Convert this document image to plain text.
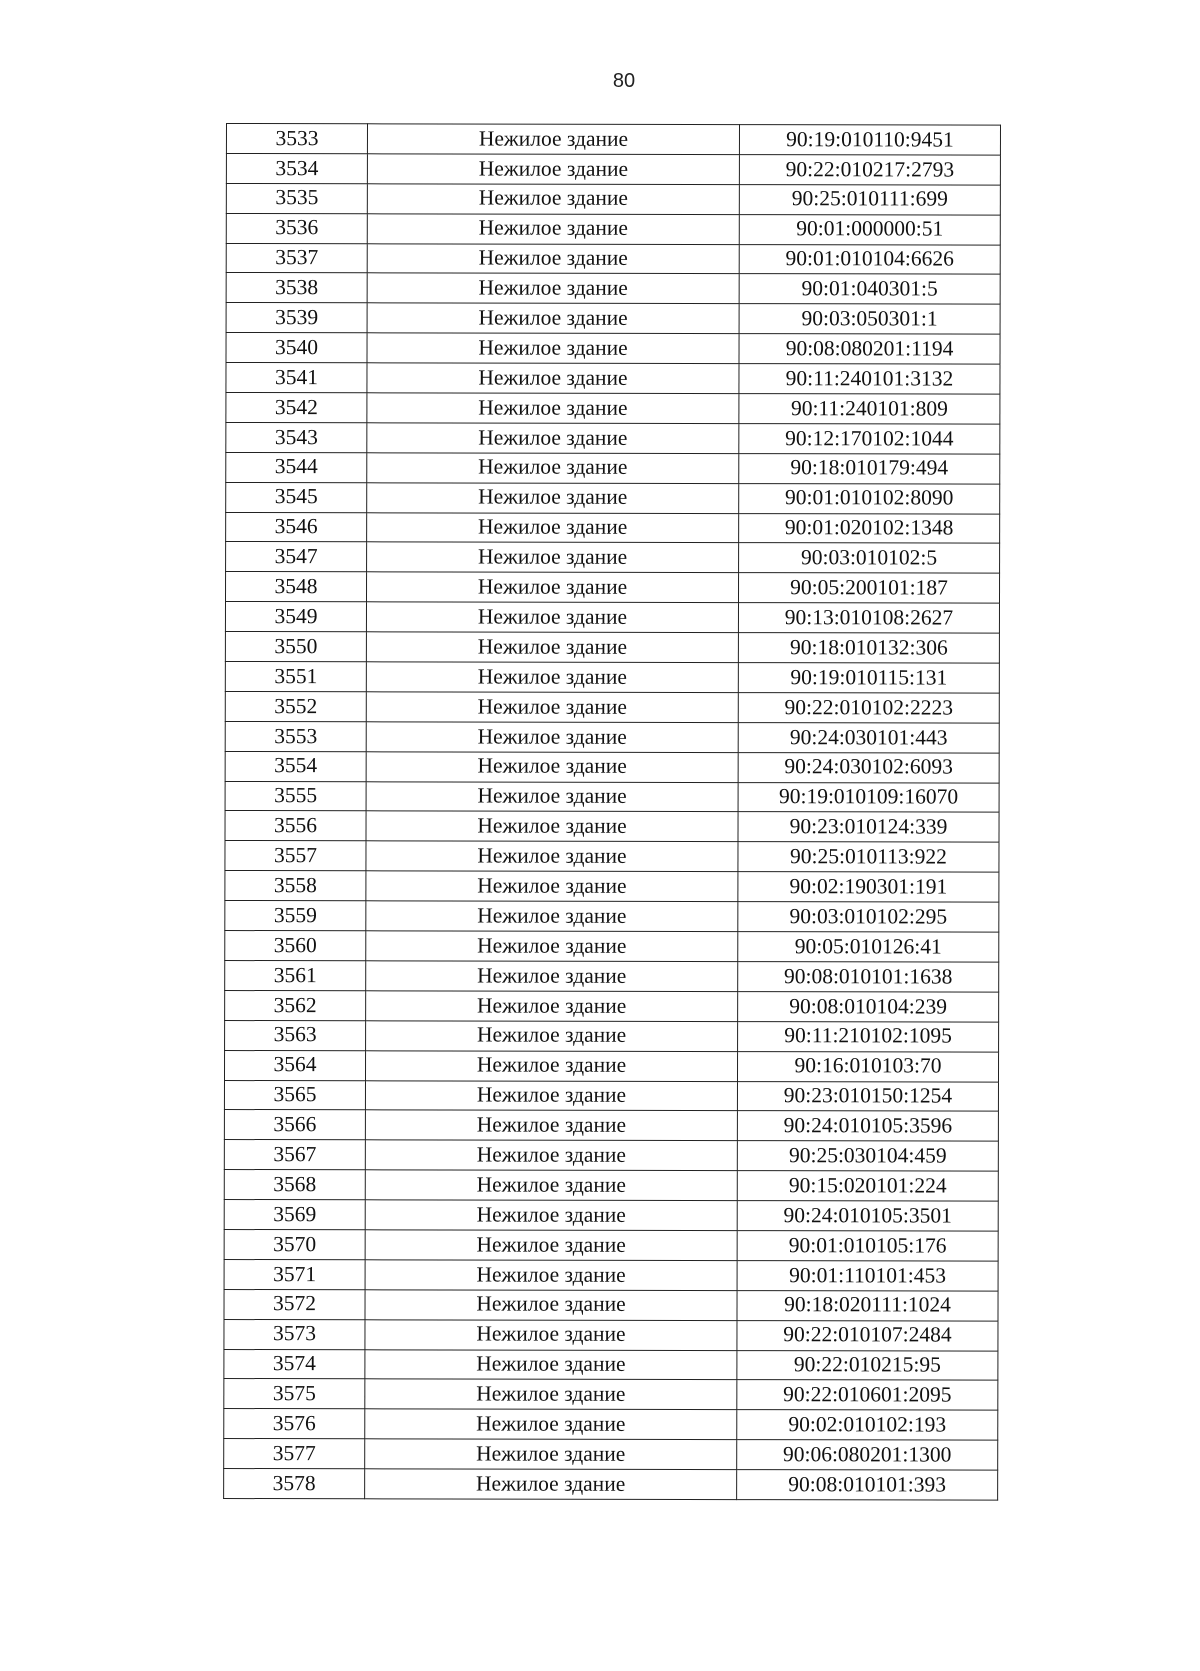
80
3533	Нежилое здание	90:19:010110:9451
3534	Нежилое здание	90:22:010217:2793
3535	Нежилое здание	90:25:010111:699
3536	Нежилое здание	90:01:000000:51
3537	Нежилое здание	90:01:010104:6626
3538	Нежилое здание	90:01:040301:5
3539	Нежилое здание	90:03:050301:1
3540	Нежилое здание	90:08:080201:1194
3541	Нежилое здание	90:11:240101:3132
3542	Нежилое здание	90:11:240101:809
3543	Нежилое здание	90:12:170102:1044
3544	Нежилое здание	90:18:010179:494
3545	Нежилое здание	90:01:010102:8090
3546	Нежилое здание	90:01:020102:1348
3547	Нежилое здание	90:03:010102:5
3548	Нежилое здание	90:05:200101:187
3549	Нежилое здание	90:13:010108:2627
3550	Нежилое здание	90:18:010132:306
3551	Нежилое здание	90:19:010115:131
3552	Нежилое здание	90:22:010102:2223
3553	Нежилое здание	90:24:030101:443
3554	Нежилое здание	90:24:030102:6093
3555	Нежилое здание	90:19:010109:16070
3556	Нежилое здание	90:23:010124:339
3557	Нежилое здание	90:25:010113:922
3558	Нежилое здание	90:02:190301:191
3559	Нежилое здание	90:03:010102:295
3560	Нежилое здание	90:05:010126:41
3561	Нежилое здание	90:08:010101:1638
3562	Нежилое здание	90:08:010104:239
3563	Нежилое здание	90:11:210102:1095
3564	Нежилое здание	90:16:010103:70
3565	Нежилое здание	90:23:010150:1254
3566	Нежилое здание	90:24:010105:3596
3567	Нежилое здание	90:25:030104:459
3568	Нежилое здание	90:15:020101:224
3569	Нежилое здание	90:24:010105:3501
3570	Нежилое здание	90:01:010105:176
3571	Нежилое здание	90:01:110101:453
3572	Нежилое здание	90:18:020111:1024
3573	Нежилое здание	90:22:010107:2484
3574	Нежилое здание	90:22:010215:95
3575	Нежилое здание	90:22:010601:2095
3576	Нежилое здание	90:02:010102:193
3577	Нежилое здание	90:06:080201:1300
3578	Нежилое здание	90:08:010101:393
